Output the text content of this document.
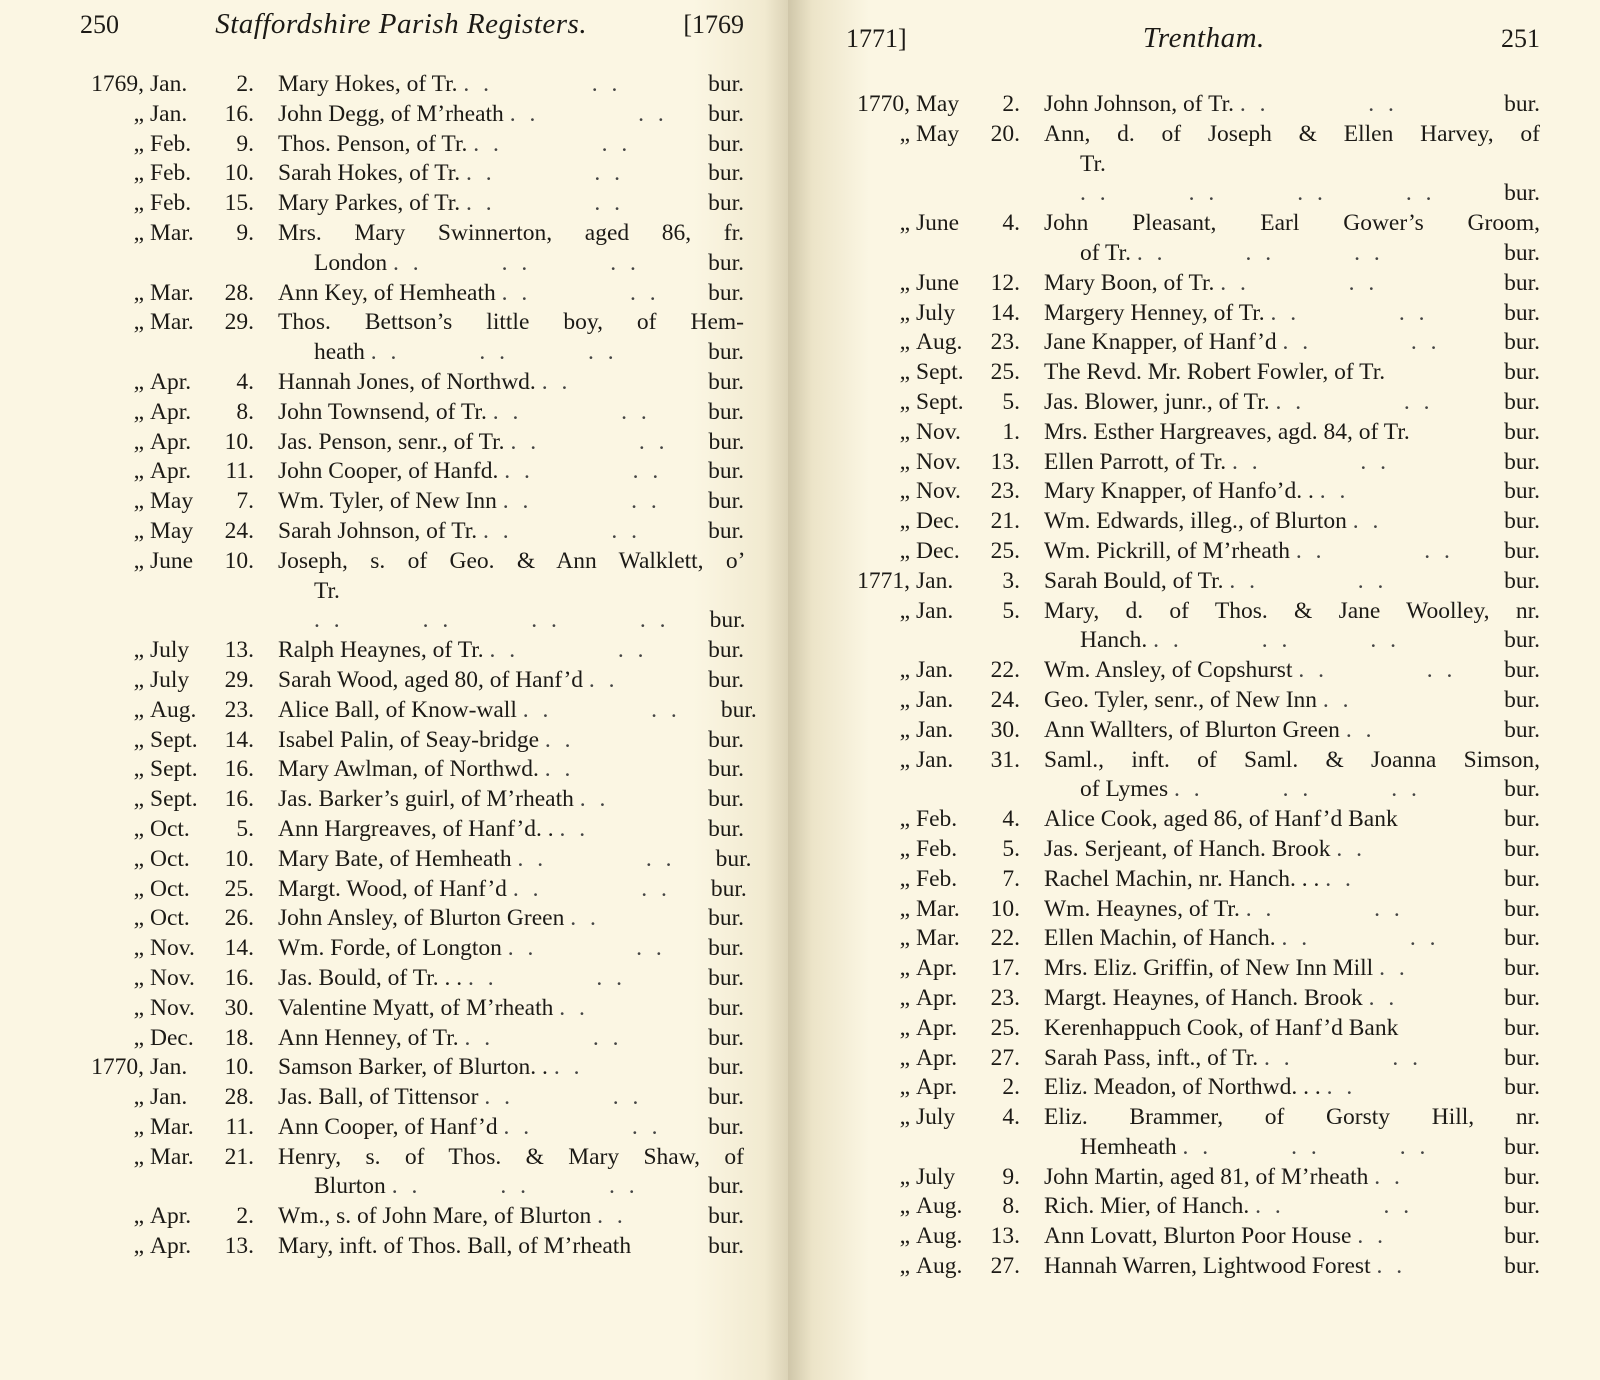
250	Staffordshire Parish Registers.	[1769
1769, Jan.	2. Mary Hokes, of Tr. . .          . .	bur.
„ Jan.	16. John Degg, of M’rheath . .          . .	bur.
„ Feb.	9. Thos. Penson, of Tr. . .          . .	bur.
„ Feb.	10. Sarah Hokes, of Tr. . .          . .	bur.
„ Feb.	15. Mary Parkes, of Tr. . .          . .	bur.
„ Mar.	9. Mrs. Mary Swinnerton, aged 86, fr.
London . .        . .        . .	bur.
„ Mar.	28. Ann Key, of Hemheath . .          . .	bur.
„ Mar.	29. Thos. Bettson’s little boy, of Hem-
heath . .        . .        . .	bur.
„ Apr.	4. Hannah Jones, of Northwd. . .	bur.
„ Apr.	8. John Townsend, of Tr. . .          . .	bur.
„ Apr.	10. Jas. Penson, senr., of Tr. . .          . .	bur.
„ Apr.	11. John Cooper, of Hanfd. . .          . .	bur.
„ May	7. Wm. Tyler, of New Inn . .          . .	bur.
„ May	24. Sarah Johnson, of Tr. . .          . .	bur.
„ June	10. Joseph, s. of Geo. & Ann Walklett, o’
Tr. . .        . .        . .        . .	bur.
„ July	13. Ralph Heaynes, of Tr. . .          . .	bur.
„ July	29. Sarah Wood, aged 80, of Hanf’d . .	bur.
„ Aug.	23. Alice Ball, of Know-wall . .          . .	bur.
„ Sept.	14. Isabel Palin, of Seay-bridge . .	bur.
„ Sept.	16. Mary Awlman, of Northwd. . .	bur.
„ Sept.	16. Jas. Barker’s guirl, of M’rheath . .	bur.
„ Oct.	5. Ann Hargreaves, of Hanf’d. . . .	bur.
„ Oct.	10. Mary Bate, of Hemheath . .          . .	bur.
„ Oct.	25. Margt. Wood, of Hanf’d . .          . .	bur.
„ Oct.	26. John Ansley, of Blurton Green . .	bur.
„ Nov.	14. Wm. Forde, of Longton . .          . .	bur.
„ Nov.	16. Jas. Bould, of Tr. . . . .          . .	bur.
„ Nov.	30. Valentine Myatt, of M’rheath . .	bur.
„ Dec.	18. Ann Henney, of Tr. . .          . .	bur.
1770, Jan.	10. Samson Barker, of Blurton. . . .	bur.
„ Jan.	28. Jas. Ball, of Tittensor . .          . .	bur.
„ Mar.	11. Ann Cooper, of Hanf’d . .          . .	bur.
„ Mar.	21. Henry, s. of Thos. & Mary Shaw, of
Blurton . .        . .        . .	bur.
„ Apr.	2. Wm., s. of John Mare, of Blurton . .	bur.
„ Apr.	13. Mary, inft. of Thos. Ball, of M’rheath	bur.
1771]	Trentham.	251
1770, May	2. John Johnson, of Tr. . .          . .	bur.
„ May	20. Ann, d. of Joseph & Ellen Harvey, of
Tr. . .        . .        . .        . .	bur.
„ June	4. John Pleasant, Earl Gower’s Groom,
of Tr. . .        . .        . .	bur.
„ June	12. Mary Boon, of Tr. . .          . .	bur.
„ July	14. Margery Henney, of Tr. . .          . .	bur.
„ Aug.	23. Jane Knapper, of Hanf’d . .          . .	bur.
„ Sept.	25. The Revd. Mr. Robert Fowler, of Tr.	bur.
„ Sept.	5. Jas. Blower, junr., of Tr. . .          . .	bur.
„ Nov.	1. Mrs. Esther Hargreaves, agd. 84, of Tr.	bur.
„ Nov.	13. Ellen Parrott, of Tr. . .          . .	bur.
„ Nov.	23. Mary Knapper, of Hanfo’d. . . .	bur.
„ Dec.	21. Wm. Edwards, illeg., of Blurton . .	bur.
„ Dec.	25. Wm. Pickrill, of M’rheath . .          . .	bur.
1771, Jan.	3. Sarah Bould, of Tr. . .          . .	bur.
„ Jan.	5. Mary, d. of Thos. & Jane Woolley, nr.
Hanch. . .        . .        . .	bur.
„ Jan.	22. Wm. Ansley, of Copshurst . .          . .	bur.
„ Jan.	24. Geo. Tyler, senr., of New Inn . .	bur.
„ Jan.	30. Ann Wallters, of Blurton Green . .	bur.
„ Jan.	31. Saml., inft. of Saml. & Joanna Simson,
of Lymes . .        . .        . .	bur.
„ Feb.	4. Alice Cook, aged 86, of Hanf’d Bank	bur.
„ Feb.	5. Jas. Serjeant, of Hanch. Brook . .	bur.
„ Feb.	7. Rachel Machin, nr. Hanch. . . . .	bur.
„ Mar.	10. Wm. Heaynes, of Tr. . .          . .	bur.
„ Mar.	22. Ellen Machin, of Hanch. . .          . .	bur.
„ Apr.	17. Mrs. Eliz. Griffin, of New Inn Mill . .	bur.
„ Apr.	23. Margt. Heaynes, of Hanch. Brook . .	bur.
„ Apr.	25. Kerenhappuch Cook, of Hanf’d Bank	bur.
„ Apr.	27. Sarah Pass, inft., of Tr. . .          . .	bur.
„ Apr.	2. Eliz. Meadon, of Northwd. . . . .	bur.
„ July	4. Eliz. Brammer, of Gorsty Hill, nr.
Hemheath . .        . .        . .	bur.
„ July	9. John Martin, aged 81, of M’rheath . .	bur.
„ Aug.	8. Rich. Mier, of Hanch. . .          . .	bur.
„ Aug.	13. Ann Lovatt, Blurton Poor House . .	bur.
„ Aug.	27. Hannah Warren, Lightwood Forest . .	bur.
